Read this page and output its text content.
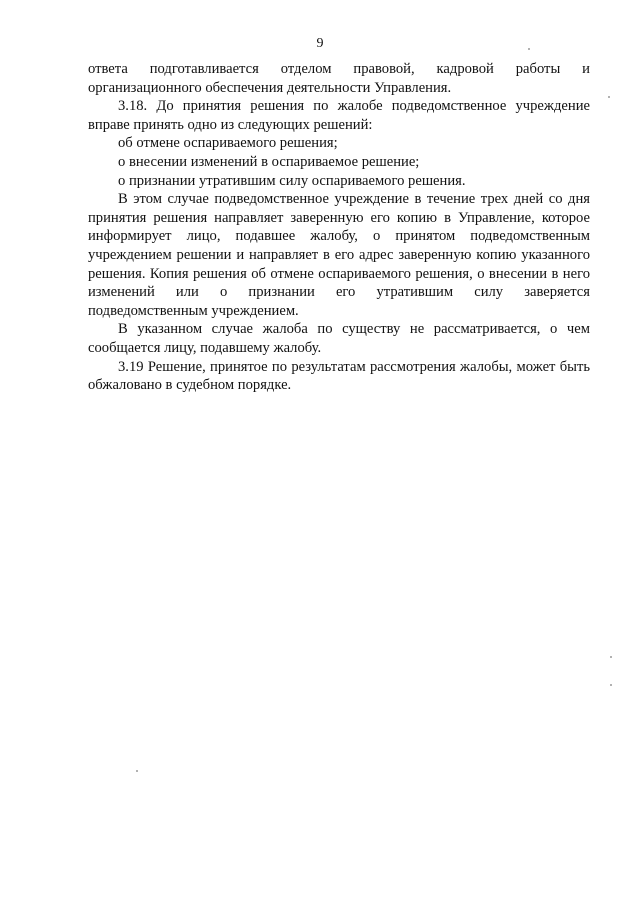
9

ответа подготавливается отделом правовой, кадровой работы и организационного обеспечения деятельности Управления.

3.18. До принятия решения по жалобе подведомственное учреждение вправе принять одно из следующих решений:

об отмене оспариваемого решения;

о внесении изменений в оспариваемое решение;

о признании утратившим силу оспариваемого решения.

В этом случае подведомственное учреждение в течение трех дней со дня принятия решения направляет заверенную его копию в Управление, которое информирует лицо, подавшее жалобу, о принятом подведомственным учреждением решении и направляет в его адрес заверенную копию указанного решения. Копия решения об отмене оспариваемого решения, о внесении в него изменений или о признании его утратившим силу заверяется подведомственным учреждением.

В указанном случае жалоба по существу не рассматривается, о чем сообщается лицу, подавшему жалобу.

3.19 Решение, принятое по результатам рассмотрения жалобы, может быть обжаловано в судебном порядке.
